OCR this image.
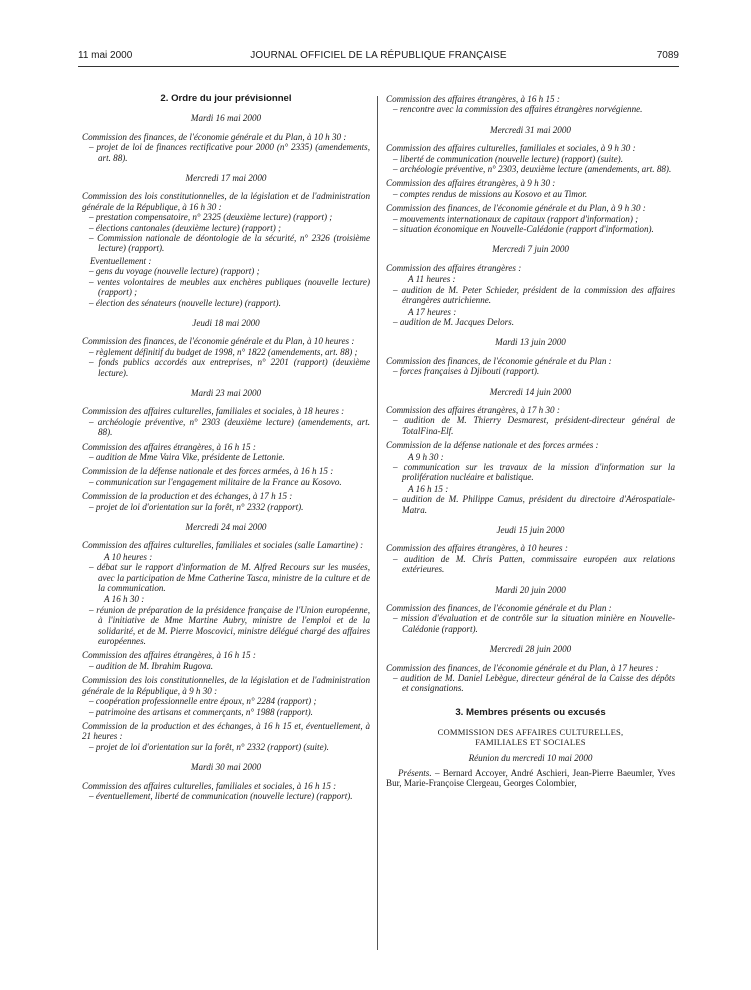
11 mai 2000	JOURNAL OFFICIEL DE LA RÉPUBLIQUE FRANÇAISE	7089
2. Ordre du jour prévisionnel
Mardi 16 mai 2000

Commission des finances, de l'économie générale et du Plan, à 10 h 30 :

– projet de loi de finances rectificative pour 2000 (n° 2335) (amendements, art. 88).

Mercredi 17 mai 2000

Commission des lois constitutionnelles, de la législation et de l'administration générale de la République, à 16 h 30 :

– prestation compensatoire, n° 2325 (deuxième lecture) (rapport) ;

– élections cantonales (deuxième lecture) (rapport) ;

– Commission nationale de déontologie de la sécurité, n° 2326 (troisième lecture) (rapport).

Eventuellement :

– gens du voyage (nouvelle lecture) (rapport) ;

– ventes volontaires de meubles aux enchères publiques (nouvelle lecture) (rapport) ;

– élection des sénateurs (nouvelle lecture) (rapport).

Jeudi 18 mai 2000

Commission des finances, de l'économie générale et du Plan, à 10 heures :

– règlement définitif du budget de 1998, n° 1822 (amendements, art. 88) ;

– fonds publics accordés aux entreprises, n° 2201 (rapport) (deuxième lecture).

Mardi 23 mai 2000

Commission des affaires culturelles, familiales et sociales, à 18 heures :

– archéologie préventive, n° 2303 (deuxième lecture) (amendements, art. 88).

Commission des affaires étrangères, à 16 h 15 :

– audition de Mme Vaira Vike, présidente de Lettonie.

Commission de la défense nationale et des forces armées, à 16 h 15 :

– communication sur l'engagement militaire de la France au Kosovo.

Commission de la production et des échanges, à 17 h 15 :

– projet de loi d'orientation sur la forêt, n° 2332 (rapport).

Mercredi 24 mai 2000

Commission des affaires culturelles, familiales et sociales (salle Lamartine) :

A 10 heures :

– débat sur le rapport d'information de M. Alfred Recours sur les musées, avec la participation de Mme Catherine Tasca, ministre de la culture et de la communication.

A 16 h 30 :

– réunion de préparation de la présidence française de l'Union européenne, à l'initiative de Mme Martine Aubry, ministre de l'emploi et de la solidarité, et de M. Pierre Moscovici, ministre délégué chargé des affaires européennes.

Commission des affaires étrangères, à 16 h 15 :

– audition de M. Ibrahim Rugova.

Commission des lois constitutionnelles, de la législation et de l'administration générale de la République, à 9 h 30 :

– coopération professionnelle entre époux, n° 2284 (rapport) ;

– patrimoine des artisans et commerçants, n° 1988 (rapport).

Commission de la production et des échanges, à 16 h 15 et, éventuellement, à 21 heures :

– projet de loi d'orientation sur la forêt, n° 2332 (rapport) (suite).

Mardi 30 mai 2000

Commission des affaires culturelles, familiales et sociales, à 16 h 15 :

– éventuellement, liberté de communication (nouvelle lecture) (rapport).

Commission des affaires étrangères, à 16 h 15 :

– rencontre avec la commission des affaires étrangères norvégienne.

Mercredi 31 mai 2000

Commission des affaires culturelles, familiales et sociales, à 9 h 30 :

– liberté de communication (nouvelle lecture) (rapport) (suite).

– archéologie préventive, n° 2303, deuxième lecture (amendements, art. 88).

Commission des affaires étrangères, à 9 h 30 :

– comptes rendus de missions au Kosovo et au Timor.

Commission des finances, de l'économie générale et du Plan, à 9 h 30 :

– mouvements internationaux de capitaux (rapport d'information) ;

– situation économique en Nouvelle-Calédonie (rapport d'information).

Mercredi 7 juin 2000

Commission des affaires étrangères :

A 11 heures :

– audition de M. Peter Schieder, président de la commission des affaires étrangères autrichienne.

A 17 heures :

– audition de M. Jacques Delors.

Mardi 13 juin 2000

Commission des finances, de l'économie générale et du Plan :

– forces françaises à Djibouti (rapport).

Mercredi 14 juin 2000

Commission des affaires étrangères, à 17 h 30 :

– audition de M. Thierry Desmarest, président-directeur général de TotalFina-Elf.

Commission de la défense nationale et des forces armées :

A 9 h 30 :

– communication sur les travaux de la mission d'information sur la prolifération nucléaire et balistique.

A 16 h 15 :

– audition de M. Philippe Camus, président du directoire d'Aérospatiale-Matra.

Jeudi 15 juin 2000

Commission des affaires étrangères, à 10 heures :

– audition de M. Chris Patten, commissaire européen aux relations extérieures.

Mardi 20 juin 2000

Commission des finances, de l'économie générale et du Plan :

– mission d'évaluation et de contrôle sur la situation minière en Nouvelle-Calédonie (rapport).

Mercredi 28 juin 2000

Commission des finances, de l'économie générale et du Plan, à 17 heures :

– audition de M. Daniel Lebègue, directeur général de la Caisse des dépôts et consignations.

3. Membres présents ou excusés

COMMISSION DES AFFAIRES CULTURELLES,

FAMILIALES ET SOCIALES

Réunion du mercredi 10 mai 2000

Présents. – Bernard Accoyer, André Aschieri, Jean-Pierre Baeumler, Yves Bur, Marie-Françoise Clergeau, Georges Colombier,
